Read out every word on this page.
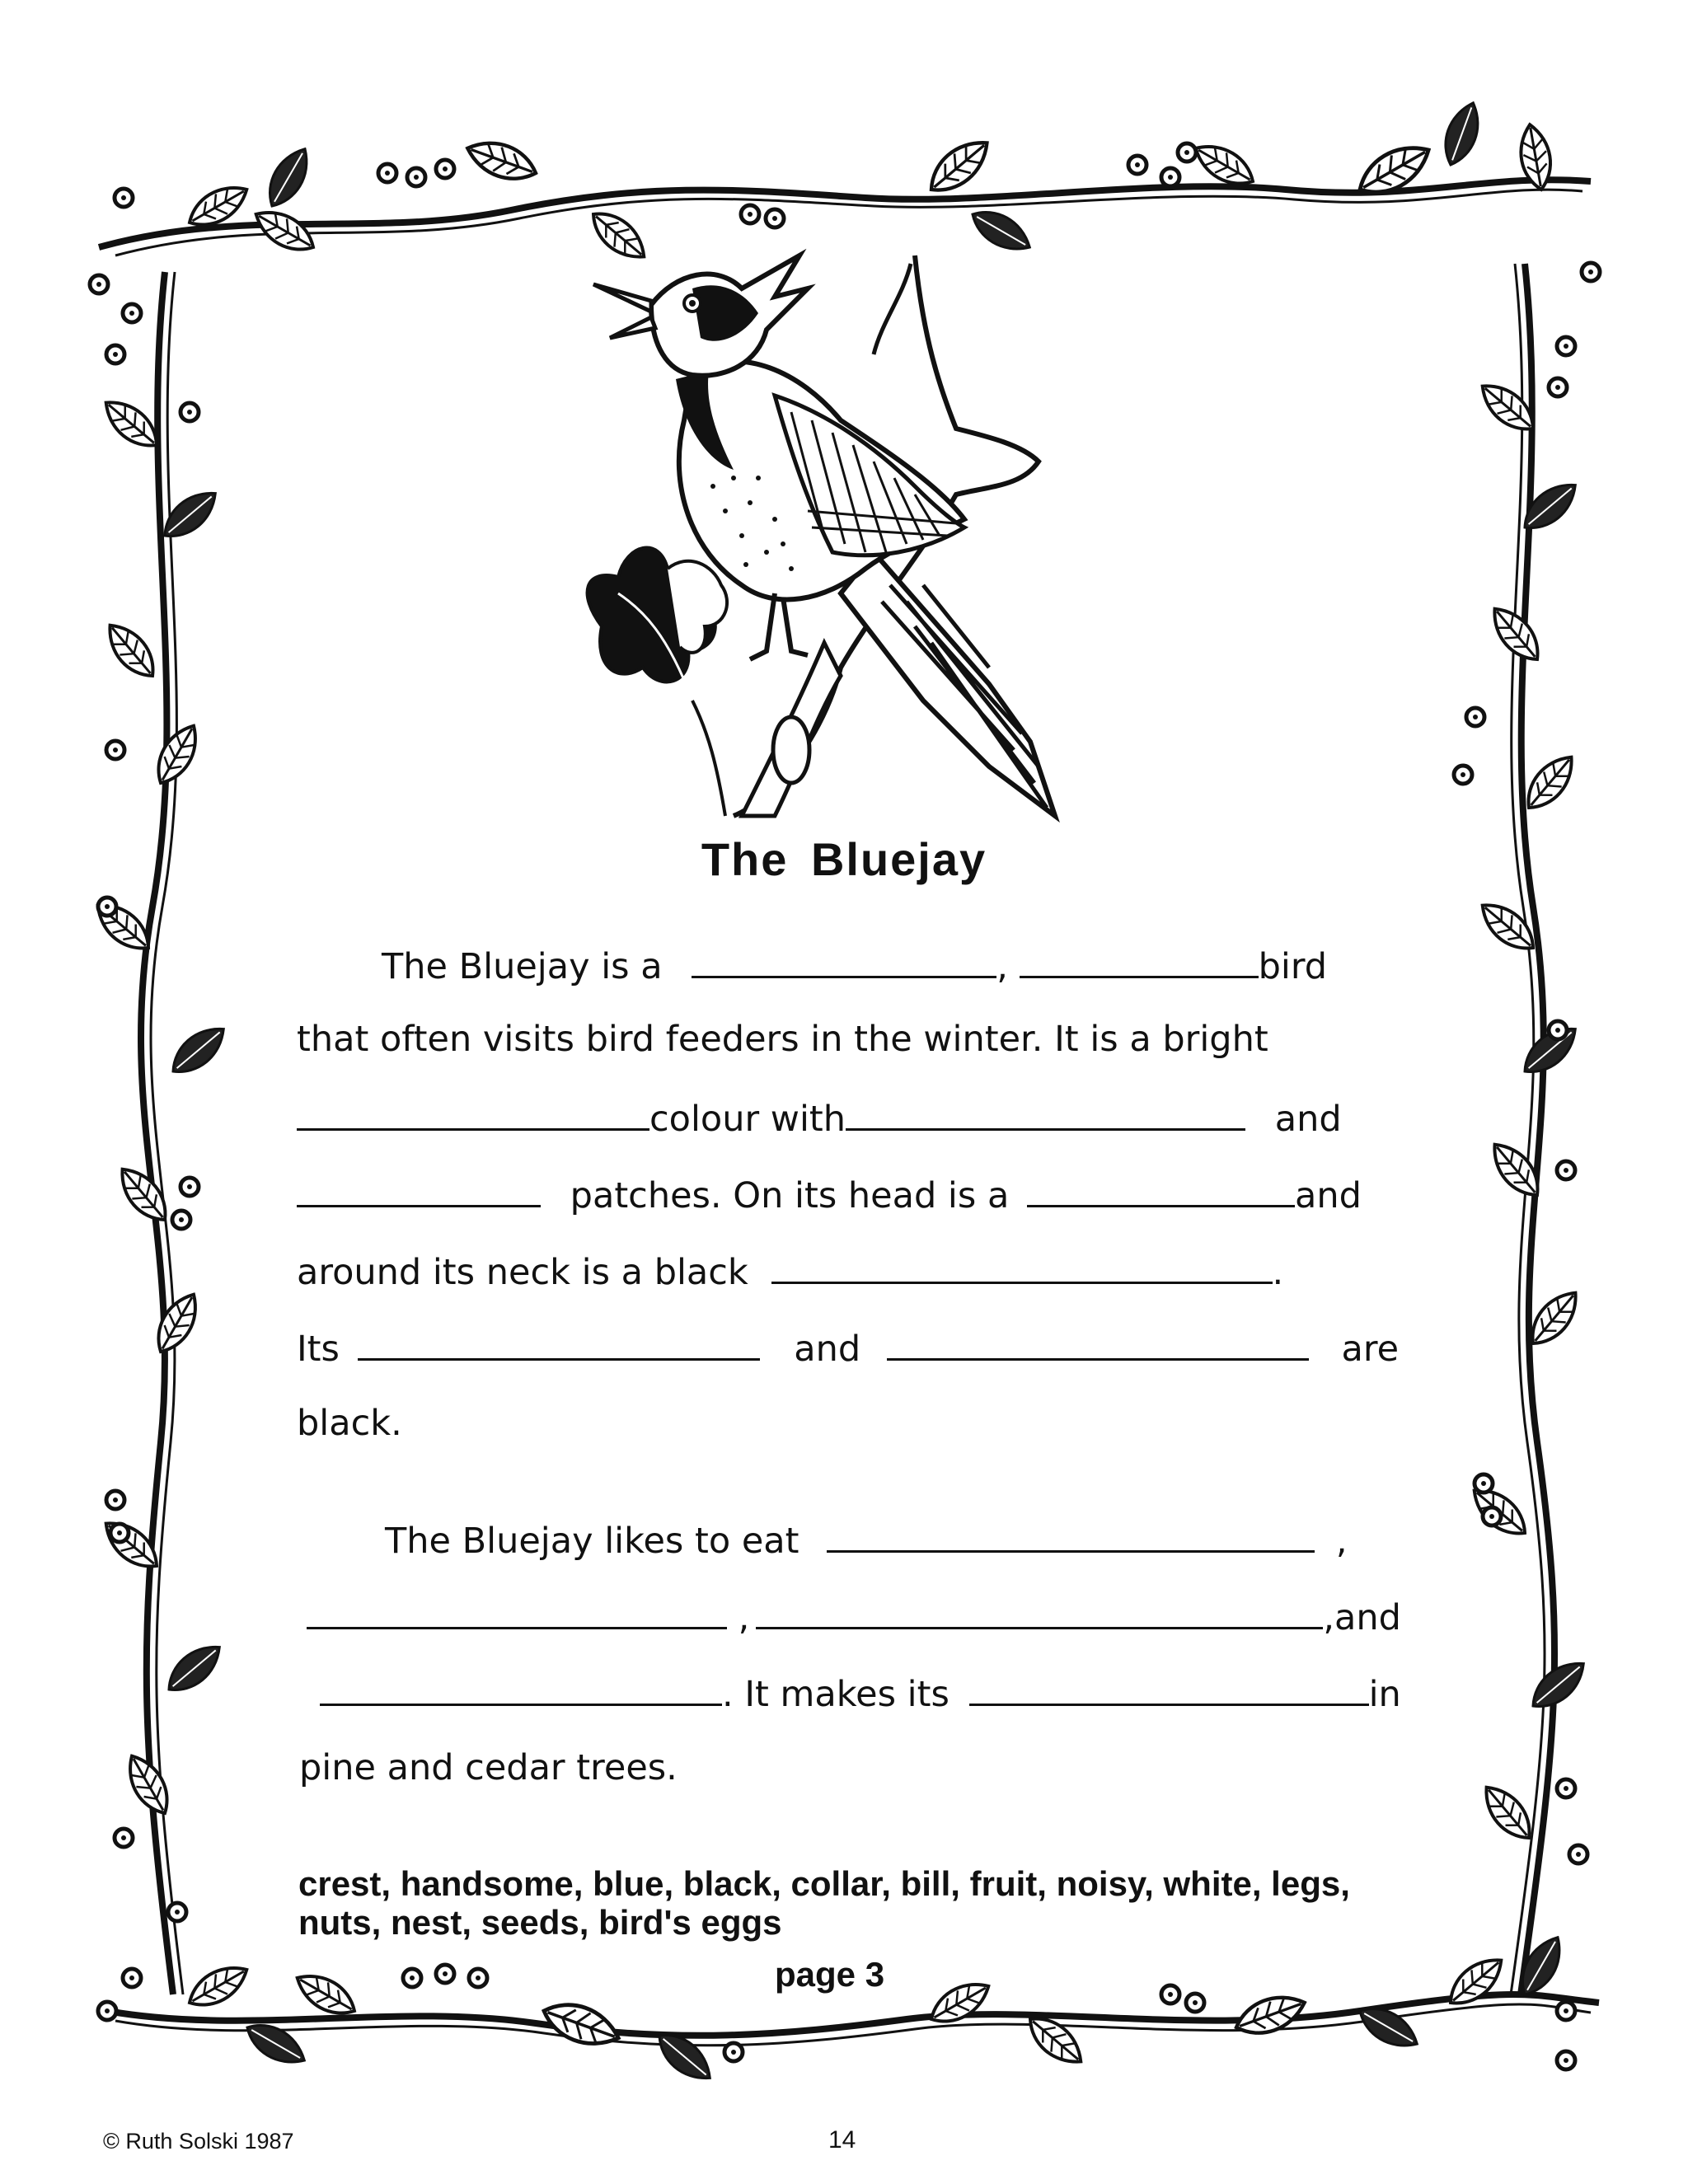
The Bluejay
The Bluejay is a	,	bird
that often visits bird feeders in the winter. It is a bright
colour with	and
patches. On its head is a	and
around its neck is a black	.
Its	and	are
black.
The Bluejay likes to eat	,
,	,and
. It makes its	in
pine and cedar trees.
crest, handsome, blue, black, collar, bill, fruit, noisy, white, legs, nuts, nest, seeds, bird's eggs
page 3
© Ruth Solski 1987	14
